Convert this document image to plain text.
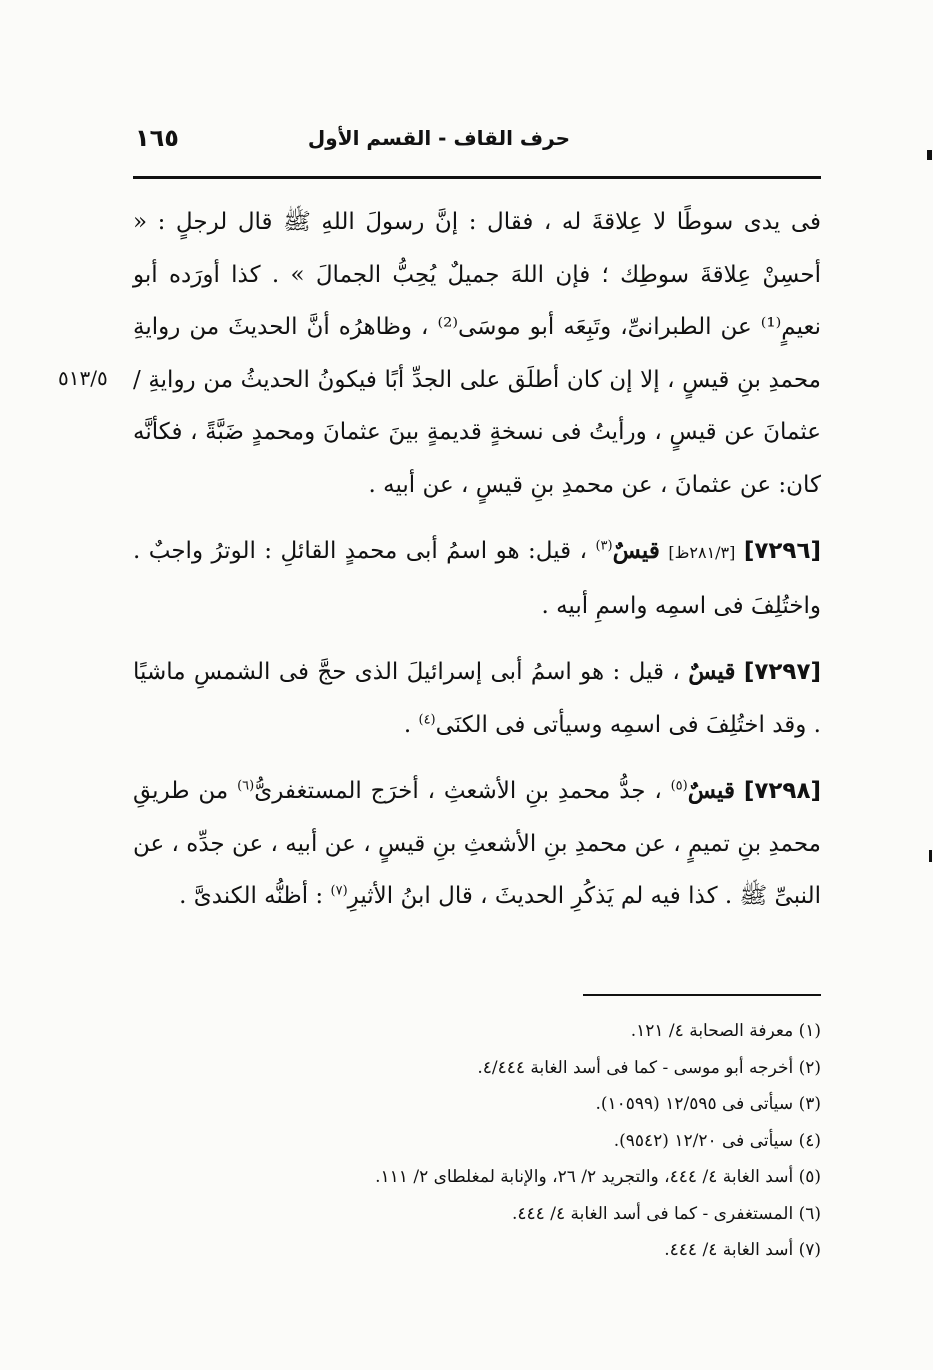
١٦٥	حرف القاف - القسم الأول
٥١٣/٥

فى يدى سوطًا لا عِلاقةَ له ، فقال : إنَّ رسولَ اللهِ ﷺ قال لرجلٍ : « أحسِنْ عِلاقةَ سوطِك ؛ فإن اللهَ جميلٌ يُحِبُّ الجمالَ » . كذا أورَده أبو نعيمٍ⁽¹⁾ عن الطبرانىِّ، وتَبِعَه أبو موسَى⁽²⁾ ، وظاهرُه أنَّ الحديثَ من روايةِ محمدِ بنِ قيسٍ ، إلا إن كان أطلَق على الجدِّ أبًا فيكونُ الحديثُ من روايةِ / عثمانَ عن قيسٍ ، ورأيتُ فى نسخةٍ قديمةٍ بينَ عثمانَ ومحمدٍ ضَبَّةً ، فكأنَّه كان: عن عثمانَ ، عن محمدِ بنِ قيسٍ ، عن أبيه .

[٧٢٩٦] [٢٨١/٣ظ] قيسٌ$^{(٣)}$ ، قيل: هو اسمُ أبى محمدٍ القائلِ : الوترُ واجبٌ . واختُلِفَ فى اسمِه واسمِ أبيه .

[٧٢٩٧] قيسٌ ، قيل : هو اسمُ أبى إسرائيلَ الذى حجَّ فى الشمسِ ماشيًا . وقد اختُلِفَ فى اسمِه وسيأتى فى الكنَى$^{(٤)}$ .

[٧٢٩٨] قيسٌ$^{(٥)}$ ، جدُّ محمدِ بنِ الأشعثِ ، أخرَج المستغفرىُّ$^{(٦)}$ من طريقِ محمدِ بنِ تميمٍ ، عن محمدِ بنِ الأشعثِ بنِ قيسٍ ، عن أبيه ، عن جدِّه ، عن النبىِّ ﷺ . كذا فيه لم يَذكُرِ الحديثَ ، قال ابنُ الأثيرِ$^{(٧)}$ : أظنُّه الكندىَّ .

(١) معرفة الصحابة ٤/ ١٢١.
(٢) أخرجه أبو موسى - كما فى أسد الغابة ٤/٤٤٤.
(٣) سيأتى فى ١٢/٥٩٥ (١٠٥٩٩).
(٤) سيأتى فى ١٢/٢٠ (٩٥٤٢).
(٥) أسد الغابة ٤/ ٤٤٤، والتجريد ٢/ ٢٦، والإنابة لمغلطاى ٢/ ١١١.
(٦) المستغفرى - كما فى أسد الغابة ٤/ ٤٤٤.
(٧) أسد الغابة ٤/ ٤٤٤.
